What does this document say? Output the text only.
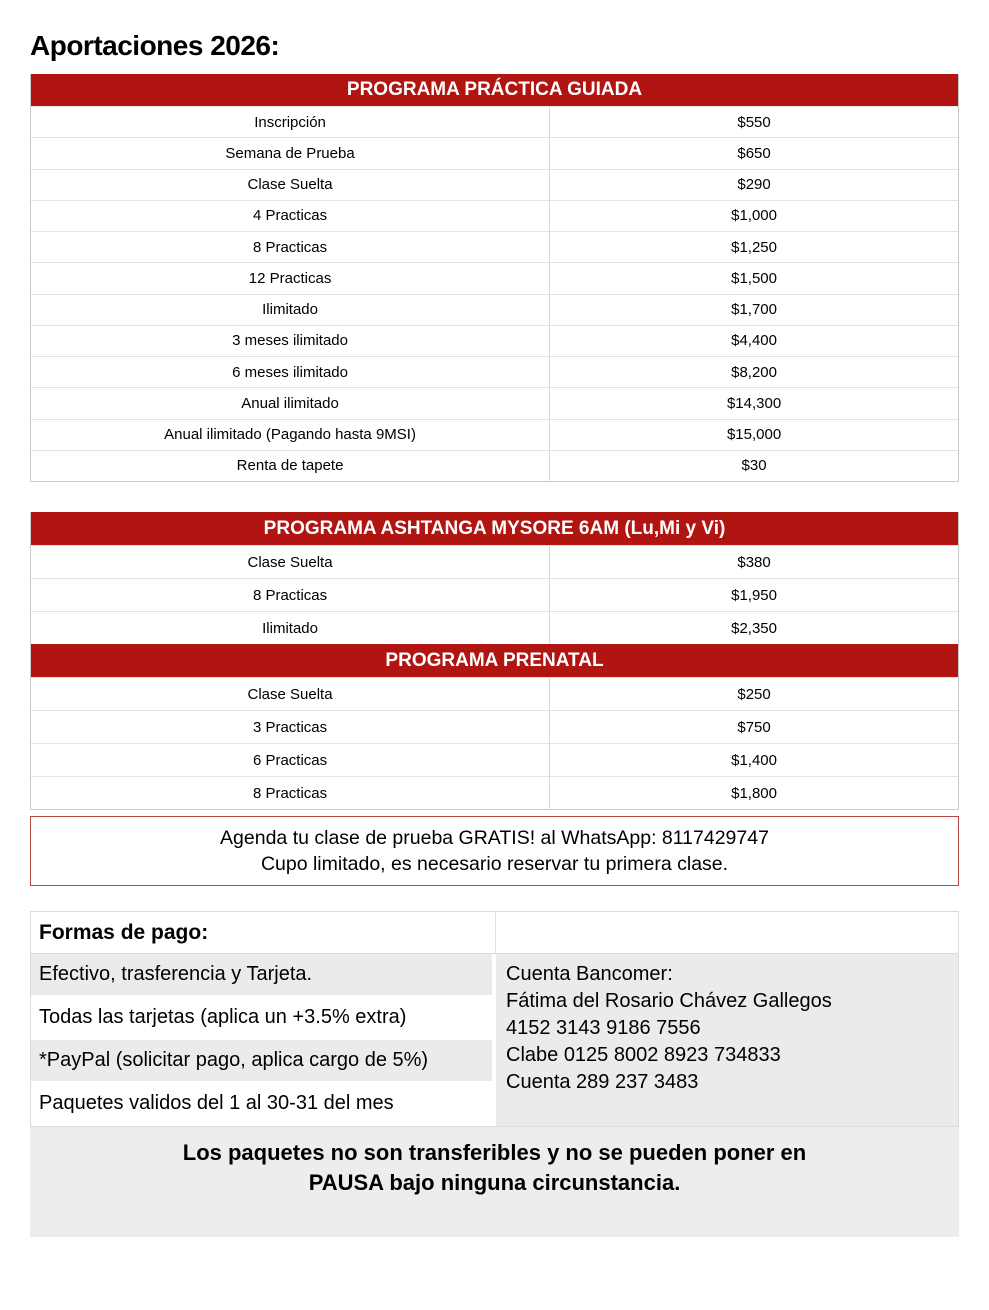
Aportaciones 2026:
PROGRAMA PRÁCTICA GUIADA
Inscripción	$550
Semana de Prueba	$650
Clase Suelta	$290
4 Practicas	$1,000
8 Practicas	$1,250
12 Practicas	$1,500
Ilimitado	$1,700
3 meses ilimitado	$4,400
6 meses ilimitado	$8,200
Anual ilimitado	$14,300
Anual ilimitado (Pagando hasta 9MSI)	$15,000
Renta de tapete	$30
PROGRAMA ASHTANGA MYSORE 6AM (Lu,Mi y Vi)
Clase Suelta	$380
8 Practicas	$1,950
Ilimitado	$2,350
PROGRAMA PRENATAL
Clase Suelta	$250
3 Practicas	$750
6 Practicas	$1,400
8 Practicas	$1,800
Agenda tu clase de prueba GRATIS! al WhatsApp: 8117429747
Cupo limitado, es necesario reservar tu primera clase.
Formas de pago:
Efectivo, trasferencia y Tarjeta.
Todas las tarjetas (aplica un +3.5% extra)
*PayPal (solicitar pago, aplica cargo de 5%)
Paquetes validos del 1 al 30-31 del mes
Cuenta Bancomer:
Fátima del Rosario Chávez Gallegos
4152 3143 9186 7556
Clabe 0125 8002 8923 734833
Cuenta 289 237 3483
Los paquetes no son transferibles y no se pueden poner en
PAUSA bajo ninguna circunstancia.
